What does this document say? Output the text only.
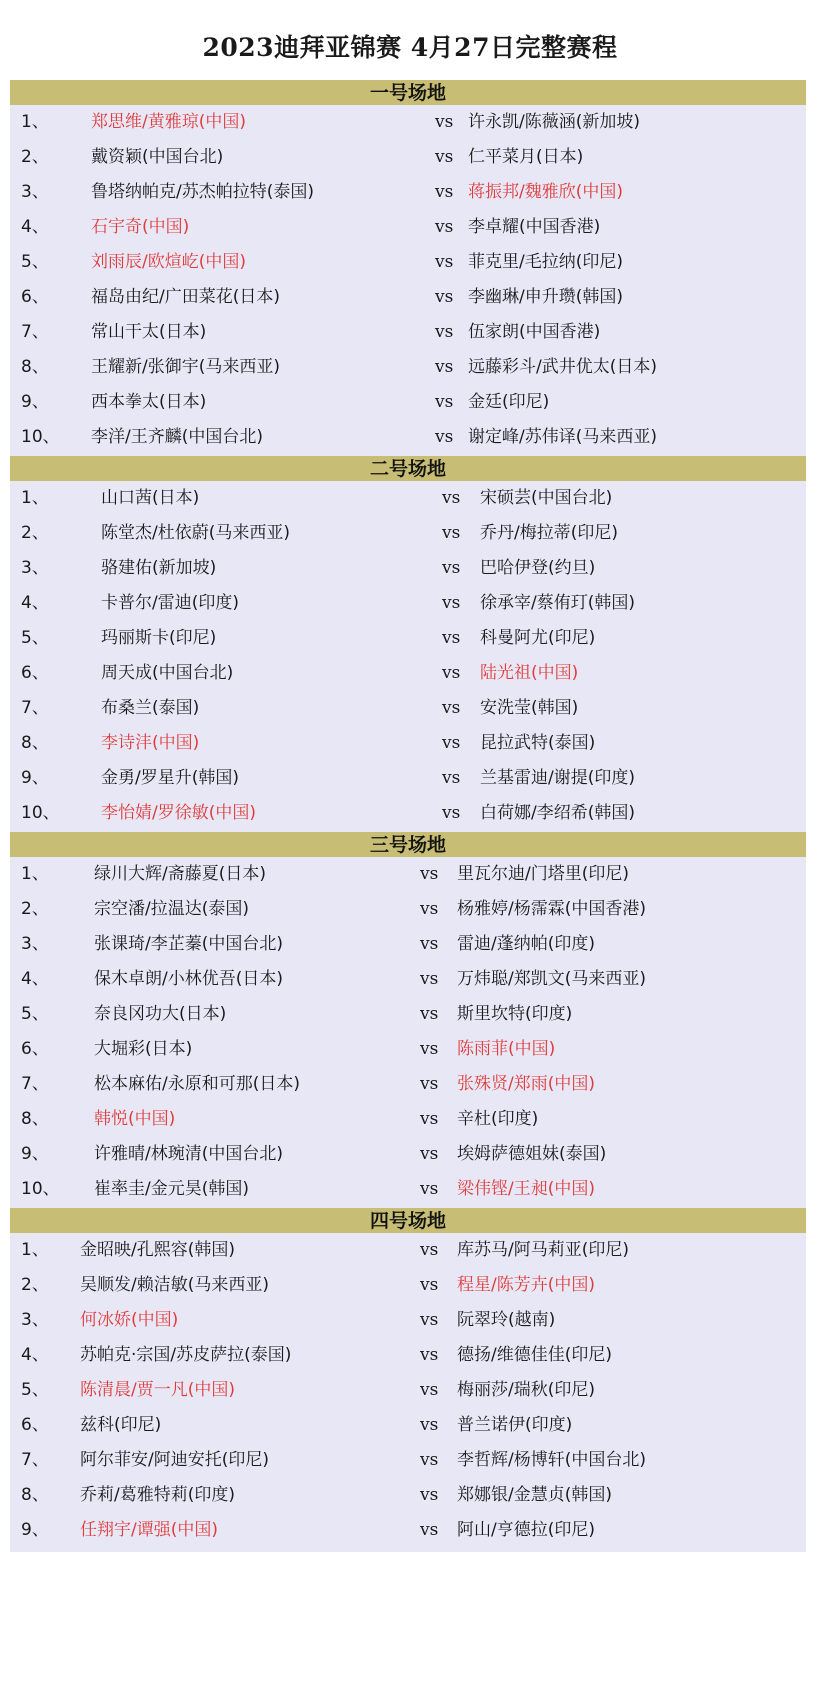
2023迪拜亚锦赛 4月27日完整赛程
一号场地
1、 郑思维/黄雅琼(中国)	vs 许永凯/陈薇涵(新加坡)
2、 戴资颖(中国台北)	vs 仁平菜月(日本)
3、 鲁塔纳帕克/苏杰帕拉特(泰国)	vs 蒋振邦/魏雅欣(中国)
4、 石宇奇(中国)	vs 李卓耀(中国香港)
5、 刘雨辰/欧煊屹(中国)	vs 菲克里/毛拉纳(印尼)
6、 福岛由纪/广田菜花(日本)	vs 李幽琳/申升瓒(韩国)
7、 常山干太(日本)	vs 伍家朗(中国香港)
8、 王耀新/张御宇(马来西亚)	vs 远藤彩斗/武井优太(日本)
9、 西本拳太(日本)	vs 金廷(印尼)
10、 李洋/王齐麟(中国台北)	vs 谢定峰/苏伟译(马来西亚)
二号场地
1、	山口茜(日本)	vs 宋硕芸(中国台北)
2、	陈堂杰/杜依蔚(马来西亚)	vs 乔丹/梅拉蒂(印尼)
3、	骆建佑(新加坡)	vs 巴哈伊登(约旦)
4、	卡普尔/雷迪(印度)	vs 徐承宰/蔡侑玎(韩国)
5、	玛丽斯卡(印尼)	vs 科曼阿尤(印尼)
6、	周天成(中国台北)	vs 陆光祖(中国)
7、	布桑兰(泰国)	vs 安洗莹(韩国)
8、	李诗沣(中国)	vs 昆拉武特(泰国)
9、	金勇/罗星升(韩国)	vs 兰基雷迪/谢提(印度)
10、 李怡婧/罗徐敏(中国)	vs 白荷娜/李绍希(韩国)
三号场地
1、	绿川大辉/斋藤夏(日本)	vs 里瓦尔迪/门塔里(印尼)
2、	宗空潘/拉温达(泰国)	vs 杨雅婷/杨霈霖(中国香港)
3、	张课琦/李芷蓁(中国台北)	vs 雷迪/蓬纳帕(印度)
4、	保木卓朗/小林优吾(日本)	vs 万炜聪/郑凯文(马来西亚)
5、	奈良冈功大(日本)	vs 斯里坎特(印度)
6、	大堀彩(日本)	vs 陈雨菲(中国)
7、	松本麻佑/永原和可那(日本)	vs 张殊贤/郑雨(中国)
8、	韩悦(中国)	vs 辛杜(印度)
9、	许雅晴/林琬清(中国台北)	vs 埃姆萨德姐妹(泰国)
10、 崔率圭/金元昊(韩国)	vs 梁伟铿/王昶(中国)
四号场地
1、 金昭映/孔熙容(韩国)	vs 库苏马/阿马莉亚(印尼)
2、 吴顺发/赖洁敏(马来西亚)	vs 程星/陈芳卉(中国)
3、 何冰娇(中国)	vs 阮翠玲(越南)
4、 苏帕克·宗国/苏皮萨拉(泰国)	vs 德扬/维德佳佳(印尼)
5、 陈清晨/贾一凡(中国)	vs 梅丽莎/瑞秋(印尼)
6、 兹科(印尼)	vs 普兰诺伊(印度)
7、 阿尔菲安/阿迪安托(印尼)	vs 李哲辉/杨博轩(中国台北)
8、 乔莉/葛雅特莉(印度)	vs 郑娜银/金慧贞(韩国)
9、 任翔宇/谭强(中国)	vs 阿山/亨德拉(印尼)
